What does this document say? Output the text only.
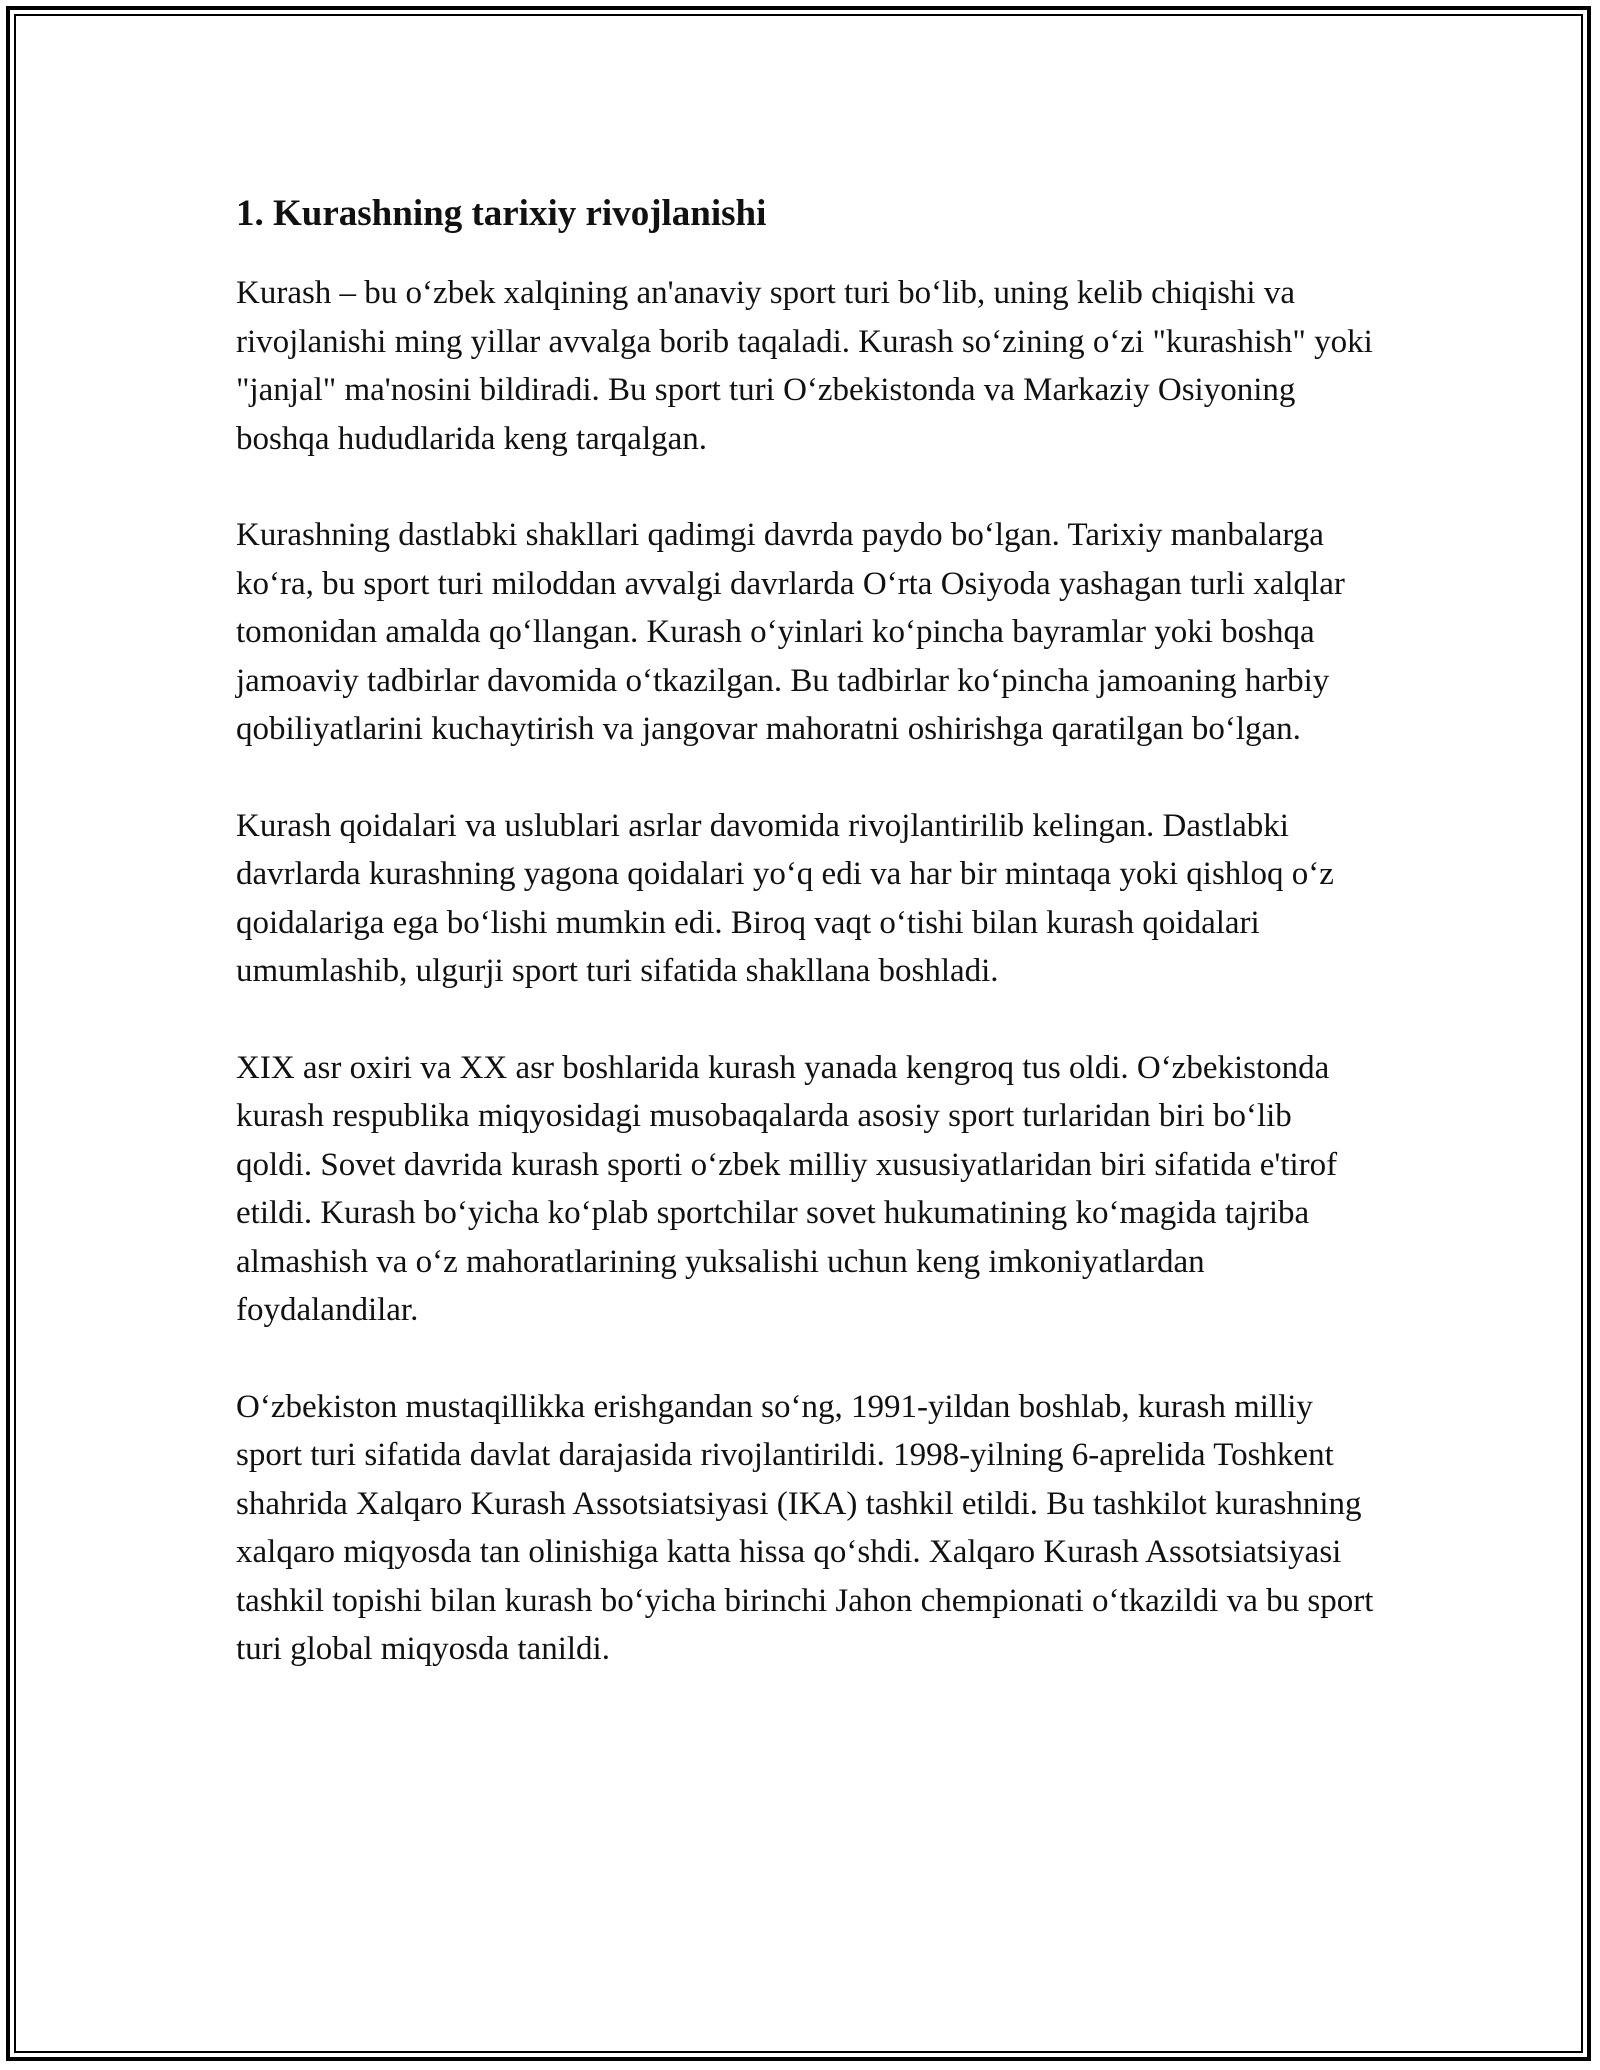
1. Kurashning tarixiy rivojlanishi

Kurash – bu o‘zbek xalqining an'anaviy sport turi bo‘lib, uning kelib chiqishi va rivojlanishi ming yillar avvalga borib taqaladi. Kurash so‘zining o‘zi "kurashish" yoki "janjal" ma'nosini bildiradi. Bu sport turi O‘zbekistonda va Markaziy Osiyoning boshqa hududlarida keng tarqalgan.

Kurashning dastlabki shakllari qadimgi davrda paydo bo‘lgan. Tarixiy manbalarga ko‘ra, bu sport turi miloddan avvalgi davrlarda O‘rta Osiyoda yashagan turli xalqlar tomonidan amalda qo‘llangan. Kurash o‘yinlari ko‘pincha bayramlar yoki boshqa jamoaviy tadbirlar davomida o‘tkazilgan. Bu tadbirlar ko‘pincha jamoaning harbiy qobiliyatlarini kuchaytirish va jangovar mahoratni oshirishga qaratilgan bo‘lgan.

Kurash qoidalari va uslublari asrlar davomida rivojlantirilib kelingan. Dastlabki davrlarda kurashning yagona qoidalari yo‘q edi va har bir mintaqa yoki qishloq o‘z qoidalariga ega bo‘lishi mumkin edi. Biroq vaqt o‘tishi bilan kurash qoidalari umumlashib, ulgurji sport turi sifatida shakllana boshladi.

XIX asr oxiri va XX asr boshlarida kurash yanada kengroq tus oldi. O‘zbekistonda kurash respublika miqyosidagi musobaqalarda asosiy sport turlaridan biri bo‘lib qoldi. Sovet davrida kurash sporti o‘zbek milliy xususiyatlaridan biri sifatida e'tirof etildi. Kurash bo‘yicha ko‘plab sportchilar sovet hukumatining ko‘magida tajriba almashish va o‘z mahoratlarining yuksalishi uchun keng imkoniyatlardan foydalandilar.

O‘zbekiston mustaqillikka erishgandan so‘ng, 1991-yildan boshlab, kurash milliy sport turi sifatida davlat darajasida rivojlantirildi. 1998-yilning 6-aprelida Toshkent shahrida Xalqaro Kurash Assotsiatsiyasi (IKA) tashkil etildi. Bu tashkilot kurashning xalqaro miqyosda tan olinishiga katta hissa qo‘shdi. Xalqaro Kurash Assotsiatsiyasi tashkil topishi bilan kurash bo‘yicha birinchi Jahon chempionati o‘tkazildi va bu sport turi global miqyosda tanildi.
